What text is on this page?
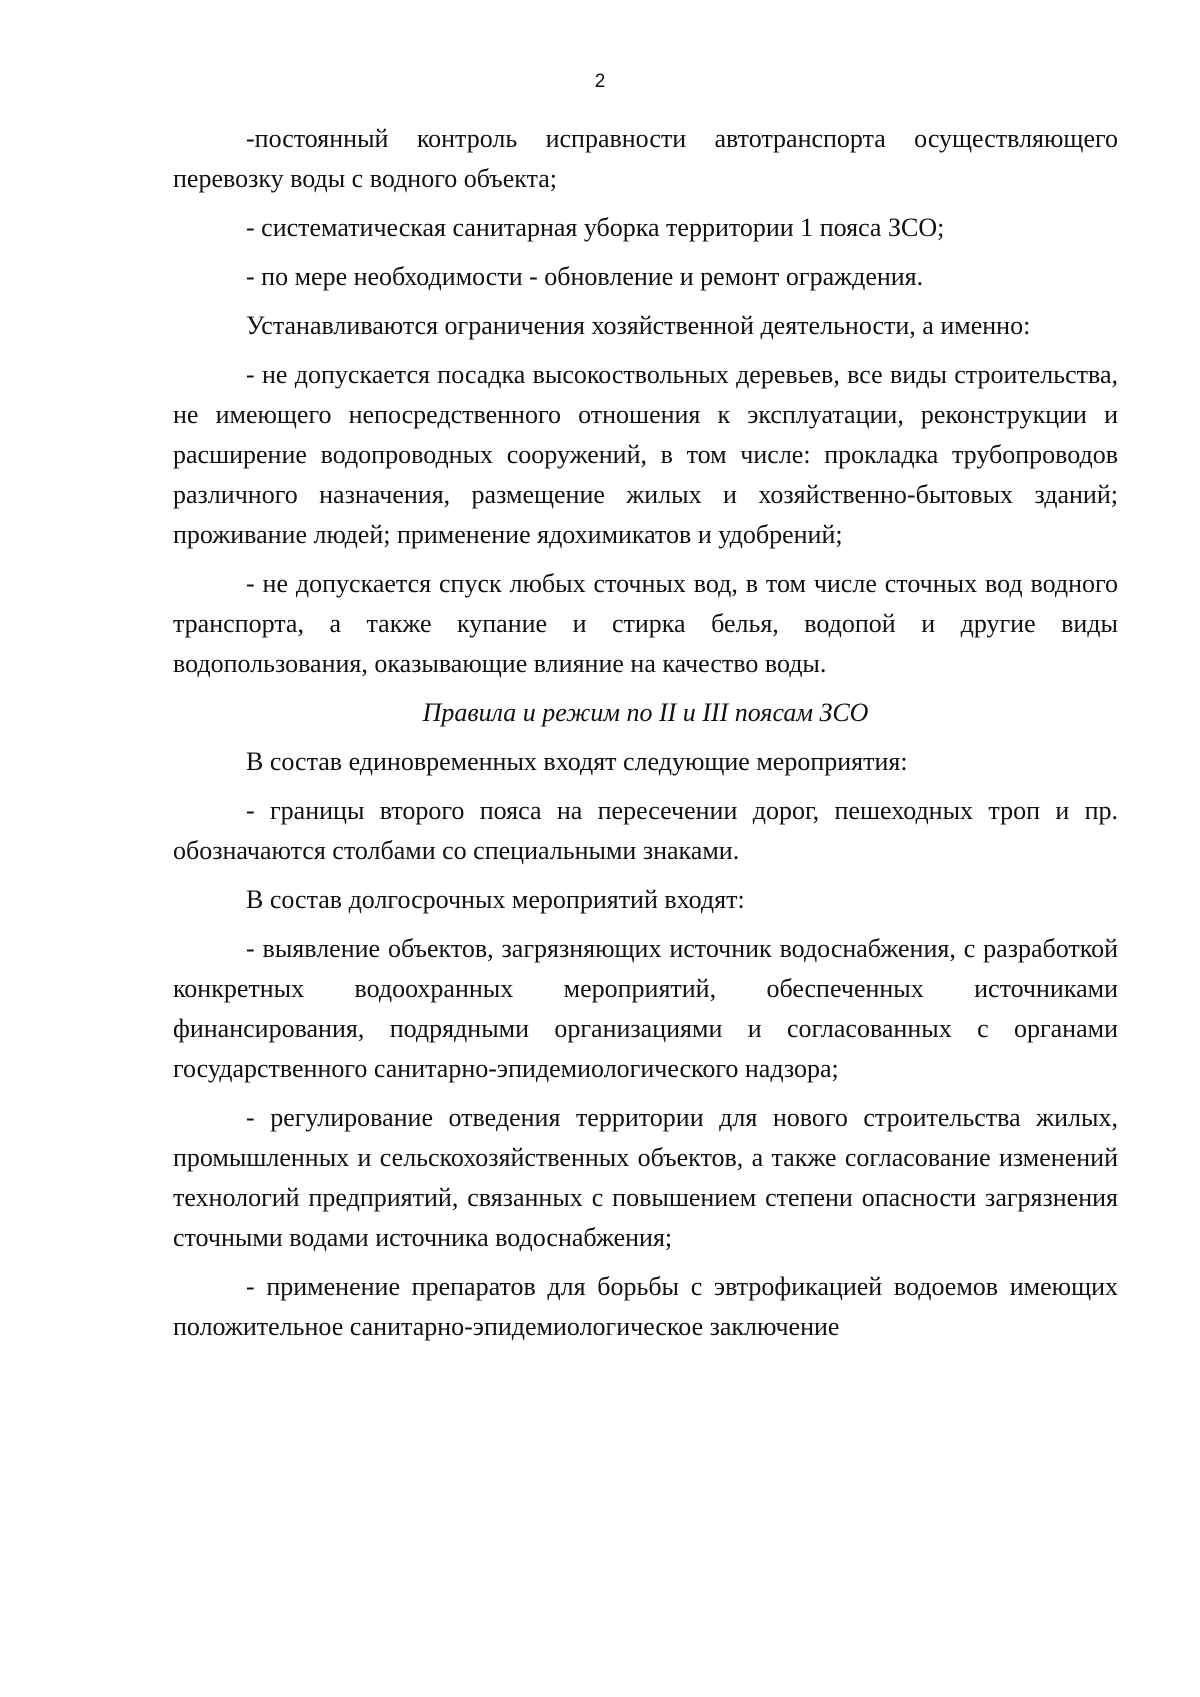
2

-постоянный контроль исправности автотранспорта осуществляющего перевозку воды с водного объекта;

- систематическая санитарная уборка территории 1 пояса ЗСО;

- по мере необходимости - обновление и ремонт ограждения.

Устанавливаются ограничения хозяйственной деятельности, а именно:

- не допускается посадка высокоствольных деревьев, все виды строительства, не имеющего непосредственного отношения к эксплуатации, реконструкции и расширение водопроводных сооружений, в том числе: прокладка трубопроводов различного назначения, размещение жилых и хозяйственно-бытовых зданий; проживание людей; применение ядохимикатов и удобрений;

- не допускается спуск любых сточных вод, в том числе сточных вод водного транспорта, а также купание и стирка белья, водопой и другие виды водопользования, оказывающие влияние на качество воды.

Правила и режим по II и III поясам ЗСО

В состав единовременных входят следующие мероприятия:

- границы второго пояса на пересечении дорог, пешеходных троп и пр. обозначаются столбами со специальными знаками.

В состав долгосрочных мероприятий входят:

- выявление объектов, загрязняющих источник водоснабжения, с разработкой конкретных водоохранных мероприятий, обеспеченных источниками финансирования, подрядными организациями и согласованных с органами государственного санитарно-эпидемиологического надзора;

- регулирование отведения территории для нового строительства жилых, промышленных и сельскохозяйственных объектов, а также согласование изменений технологий предприятий, связанных с повышением степени опасности загрязнения сточными водами источника водоснабжения;

- применение препаратов для борьбы с эвтрофикацией водоемов имеющих положительное санитарно-эпидемиологическое заключение
